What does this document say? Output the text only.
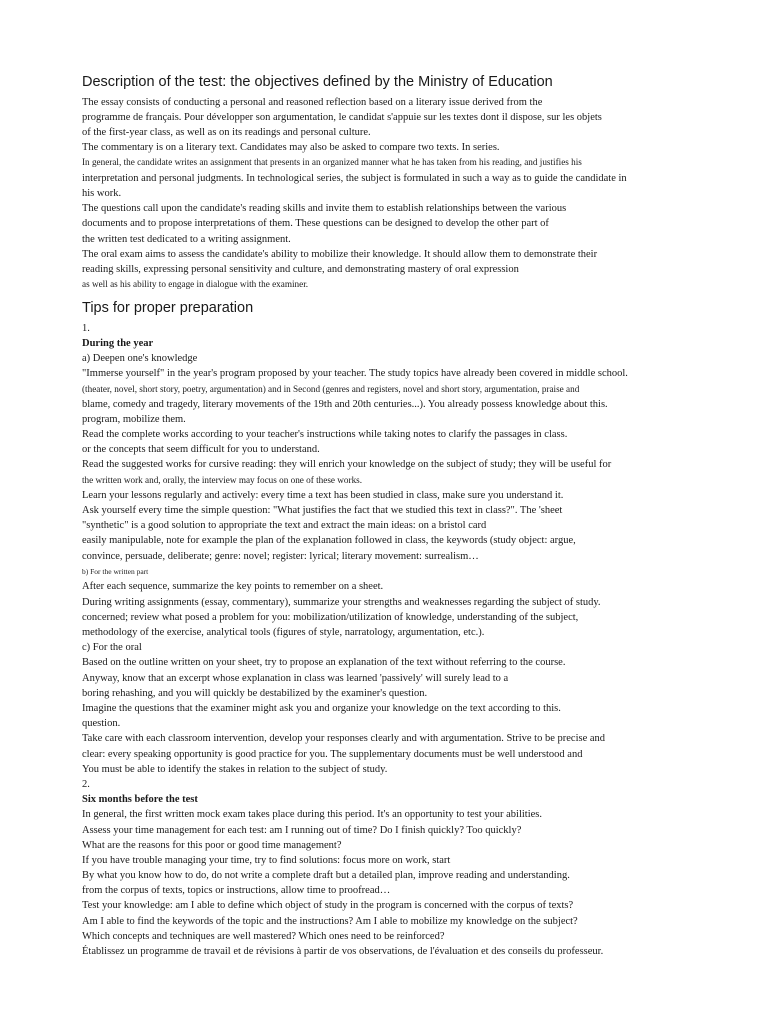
Description of the test: the objectives defined by the Ministry of Education

The essay consists of conducting a personal and reasoned reflection based on a literary issue derived from the

programme de français. Pour développer son argumentation, le candidat s'appuie sur les textes dont il dispose, sur les objets

of the first-year class, as well as on its readings and personal culture.

The commentary is on a literary text. Candidates may also be asked to compare two texts. In series.

In general, the candidate writes an assignment that presents in an organized manner what he has taken from his reading, and justifies his

interpretation and personal judgments. In technological series, the subject is formulated in such a way as to guide the candidate in

his work.

The questions call upon the candidate's reading skills and invite them to establish relationships between the various

documents and to propose interpretations of them. These questions can be designed to develop the other part of

the written test dedicated to a writing assignment.

The oral exam aims to assess the candidate's ability to mobilize their knowledge. It should allow them to demonstrate their

reading skills, expressing personal sensitivity and culture, and demonstrating mastery of oral expression

as well as his ability to engage in dialogue with the examiner.

Tips for proper preparation

1.

During the year

a) Deepen one's knowledge

"Immerse yourself" in the year's program proposed by your teacher. The study topics have already been covered in middle school.

(theater, novel, short story, poetry, argumentation) and in Second (genres and registers, novel and short story, argumentation, praise and

blame, comedy and tragedy, literary movements of the 19th and 20th centuries...). You already possess knowledge about this.

program, mobilize them.

Read the complete works according to your teacher's instructions while taking notes to clarify the passages in class.

or the concepts that seem difficult for you to understand.

Read the suggested works for cursive reading: they will enrich your knowledge on the subject of study; they will be useful for

the written work and, orally, the interview may focus on one of these works.

Learn your lessons regularly and actively: every time a text has been studied in class, make sure you understand it.

Ask yourself every time the simple question: "What justifies the fact that we studied this text in class?". The 'sheet

"synthetic" is a good solution to appropriate the text and extract the main ideas: on a bristol card

easily manipulable, note for example the plan of the explanation followed in class, the keywords (study object: argue,

convince, persuade, deliberate; genre: novel; register: lyrical; literary movement: surrealism…

b) For the written part

After each sequence, summarize the key points to remember on a sheet.

During writing assignments (essay, commentary), summarize your strengths and weaknesses regarding the subject of study.

concerned; review what posed a problem for you: mobilization/utilization of knowledge, understanding of the subject,

methodology of the exercise, analytical tools (figures of style, narratology, argumentation, etc.).

c) For the oral

Based on the outline written on your sheet, try to propose an explanation of the text without referring to the course.

Anyway, know that an excerpt whose explanation in class was learned 'passively' will surely lead to a

boring rehashing, and you will quickly be destabilized by the examiner's question.

Imagine the questions that the examiner might ask you and organize your knowledge on the text according to this.

question.

Take care with each classroom intervention, develop your responses clearly and with argumentation. Strive to be precise and

clear: every speaking opportunity is good practice for you. The supplementary documents must be well understood and

You must be able to identify the stakes in relation to the subject of study.

2.

Six months before the test

In general, the first written mock exam takes place during this period. It's an opportunity to test your abilities.

Assess your time management for each test: am I running out of time? Do I finish quickly? Too quickly?

What are the reasons for this poor or good time management?

If you have trouble managing your time, try to find solutions: focus more on work, start

By what you know how to do, do not write a complete draft but a detailed plan, improve reading and understanding.

from the corpus of texts, topics or instructions, allow time to proofread…

Test your knowledge: am I able to define which object of study in the program is concerned with the corpus of texts?

Am I able to find the keywords of the topic and the instructions? Am I able to mobilize my knowledge on the subject?

Which concepts and techniques are well mastered? Which ones need to be reinforced?

Établissez un programme de travail et de révisions à partir de vos observations, de l'évaluation et des conseils du professeur.
